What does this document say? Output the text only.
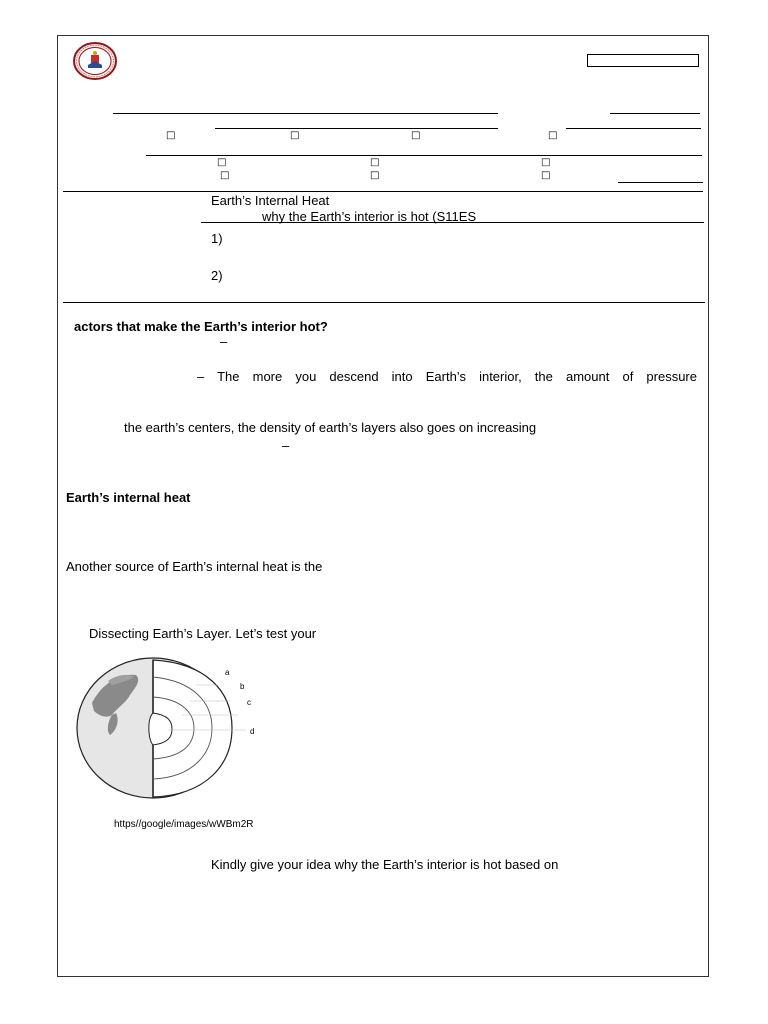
□	□	□	□
□	□	□
□	□	□
Earth’s Internal Heat
why the Earth’s interior is hot (S11ES
1)
2)
actors that make the Earth’s interior hot?
–
– The more you descend into Earth’s interior, the amount of pressure
the earth’s centers, the density of earth’s layers also goes on increasing
–
Earth’s internal heat
Another source of Earth’s internal heat is the
Dissecting Earth’s Layer. Let’s test your
a
b
c
d
https//google/images/wWBm2R
Kindly give your idea why the Earth’s interior is hot based on
